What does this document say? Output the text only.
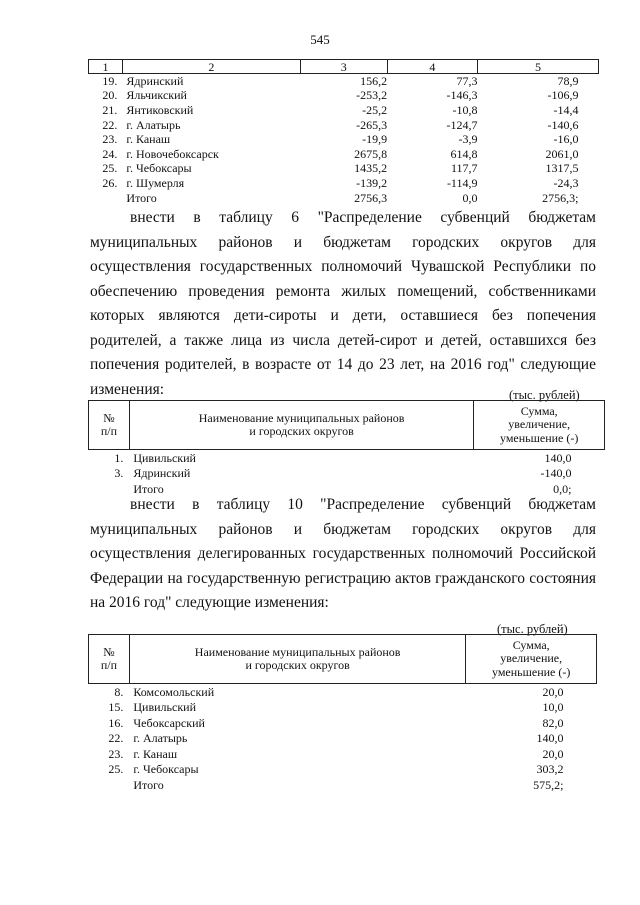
545
1	2	3	4	5
19.	Ядринский	156,2	77,3	78,9
20.	Яльчикский	-253,2	-146,3	-106,9
21.	Янтиковский	-25,2	-10,8	-14,4
22.	г. Алатырь	-265,3	-124,7	-140,6
23.	г. Канаш	-19,9	-3,9	-16,0
24.	г. Новочебоксарск	2675,8	614,8	2061,0
25.	г. Чебоксары	1435,2	117,7	1317,5
26.	г. Шумерля	-139,2	-114,9	-24,3
	Итого	2756,3	0,0	2756,3;

внести в таблицу 6 "Распределение субвенций бюджетам муниципальных районов и бюджетам городских округов для осуществления государственных полномочий Чувашской Республики по обеспечению проведения ремонта жилых помещений, собственниками которых являются дети-сироты и дети, оставшиеся без попечения родителей, а также лица из числа детей-сирот и детей, оставшихся без попечения родителей, в возрасте от 14 до 23 лет, на 2016 год" следующие изменения:	(тыс. рублей)
№
п/п	Наименование муниципальных районов
и городских округов	Сумма,
увеличение,
уменьшение (-)
1.	Цивильский	140,0
3.	Ядринский	-140,0
	Итого	0,0;

внести в таблицу 10 "Распределение субвенций бюджетам муниципальных районов и бюджетам городских округов для осуществления делегированных государственных полномочий Российской Федерации на государственную регистрацию актов гражданского состояния на 2016 год" следующие изменения:

(тыс. рублей)
№
п/п	Наименование муниципальных районов
и городских округов	Сумма,
увеличение,
уменьшение (-)
8.	Комсомольский	20,0
15.	Цивильский	10,0
16.	Чебоксарский	82,0
22.	г. Алатырь	140,0
23.	г. Канаш	20,0
25.	г. Чебоксары	303,2
	Итого	575,2;
